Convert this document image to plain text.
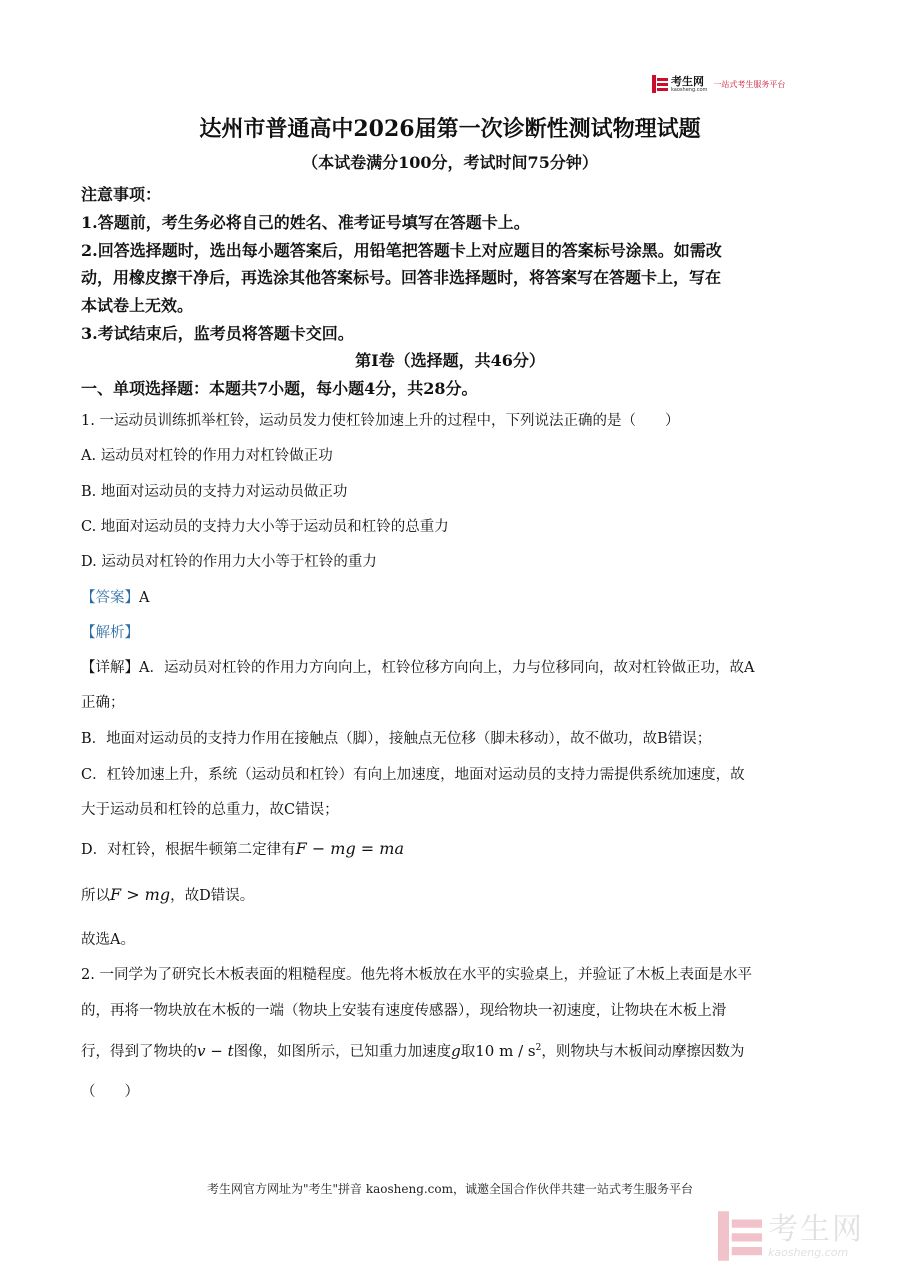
考生网
kaosheng.com
一站式考生服务平台
达州市普通高中2026届第一次诊断性测试物理试题
（本试卷满分100分，考试时间75分钟）
注意事项：
1.答题前，考生务必将自己的姓名、准考证号填写在答题卡上。
2.回答选择题时，选出每小题答案后，用铅笔把答题卡上对应题目的答案标号涂黑。如需改
动，用橡皮擦干净后，再选涂其他答案标号。回答非选择题时，将答案写在答题卡上，写在
本试卷上无效。
3.考试结束后，监考员将答题卡交回。
第I卷（选择题，共46分）
一、单项选择题：本题共7小题，每小题4分，共28分。
1. 一运动员训练抓举杠铃，运动员发力使杠铃加速上升的过程中，下列说法正确的是（　　）
A. 运动员对杠铃的作用力对杠铃做正功
B. 地面对运动员的支持力对运动员做正功
C. 地面对运动员的支持力大小等于运动员和杠铃的总重力
D. 运动员对杠铃的作用力大小等于杠铃的重力
【答案】A
【解析】
【详解】A．运动员对杠铃的作用力方向向上，杠铃位移方向向上，力与位移同向，故对杠铃做正功，故A
正确；
B．地面对运动员的支持力作用在接触点（脚），接触点无位移（脚未移动），故不做功，故B错误；
C．杠铃加速上升，系统（运动员和杠铃）有向上加速度，地面对运动员的支持力需提供系统加速度，故
大于运动员和杠铃的总重力，故C错误；
D．对杠铃，根据牛顿第二定律有F − mg = ma
所以F > mg，故D错误。
故选A。
2. 一同学为了研究长木板表面的粗糙程度。他先将木板放在水平的实验桌上，并验证了木板上表面是水平
的，再将一物块放在木板的一端（物块上安装有速度传感器），现给物块一初速度，让物块在木板上滑
行，得到了物块的v − t图像，如图所示，已知重力加速度g取10 m / $s^2$，则物块与木板间动摩擦因数为
（　　）
考生网官方网址为"考生"拼音 kaosheng.com，诚邀全国合作伙伴共建一站式考生服务平台
考生网
kaosheng.com
